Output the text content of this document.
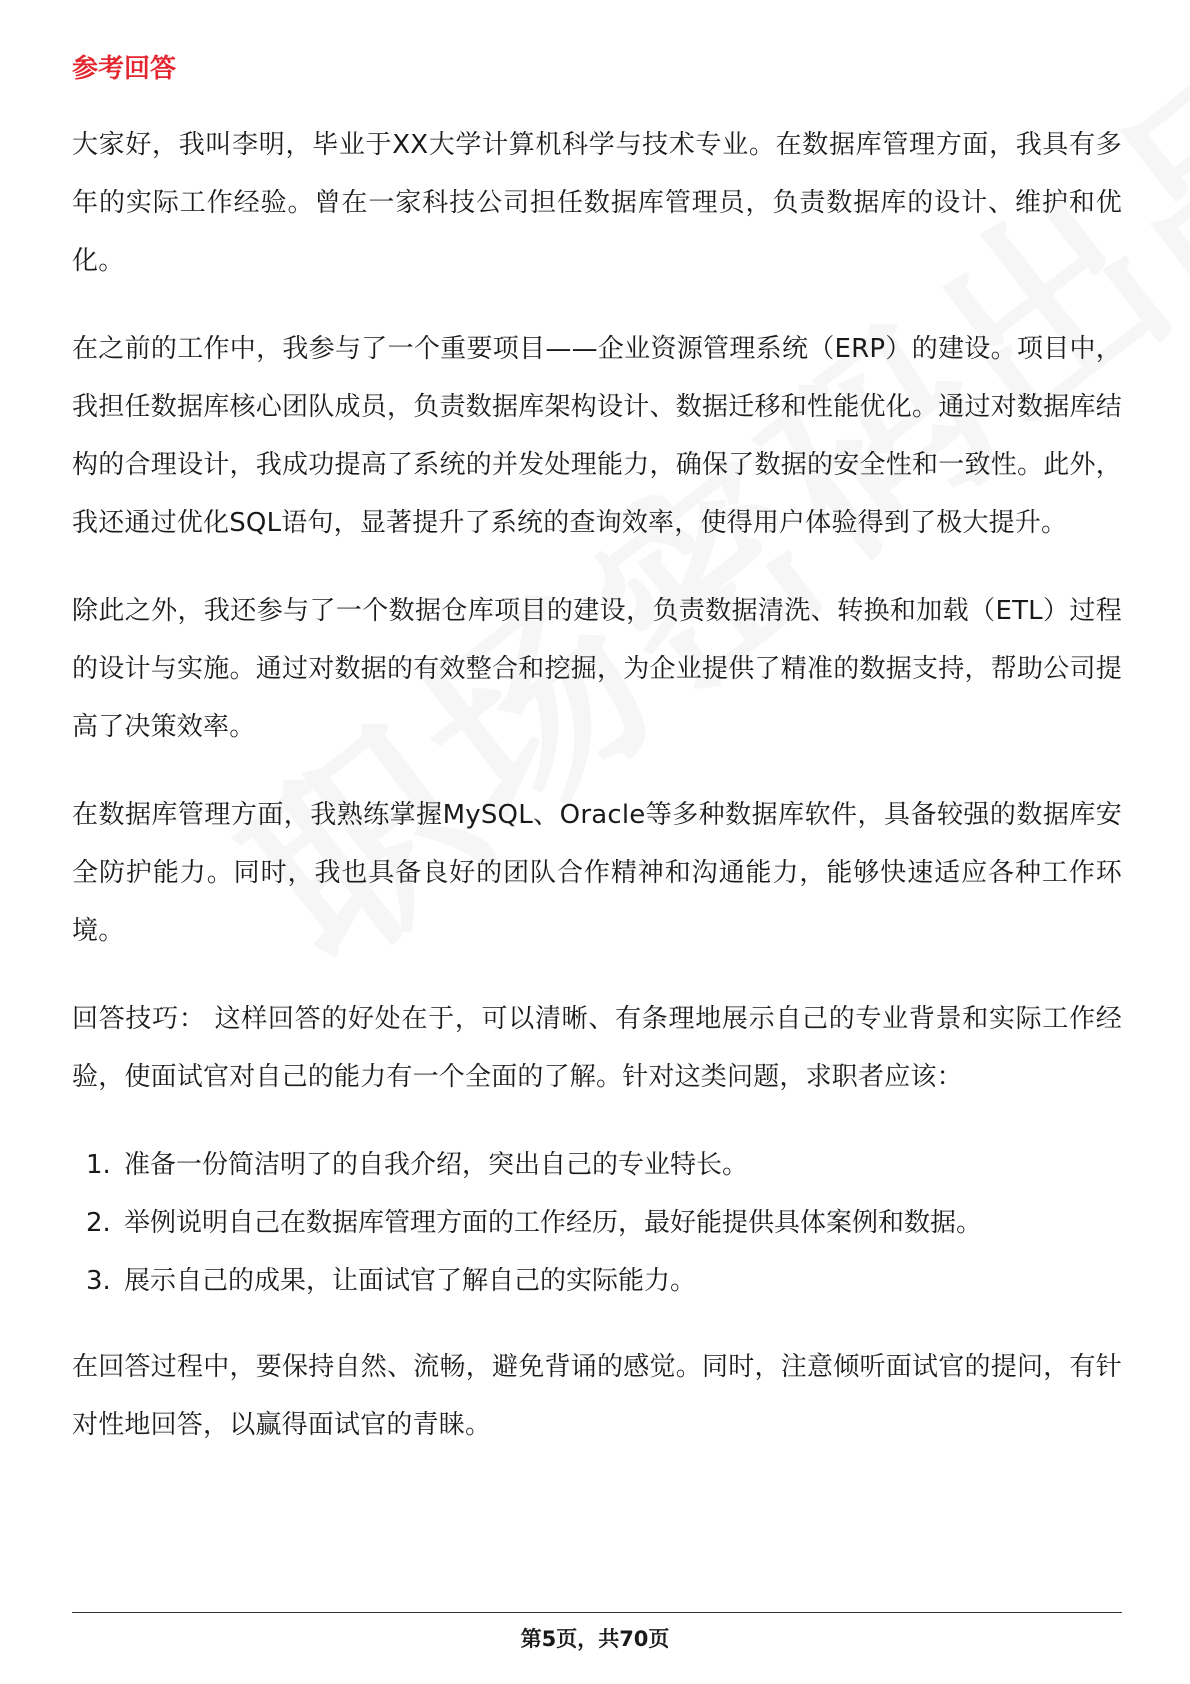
参考回答

大家好，我叫李明，毕业于XX大学计算机科学与技术专业。在数据库管理方面，我具有多年的实际工作经验。曾在一家科技公司担任数据库管理员，负责数据库的设计、维护和优化。

在之前的工作中，我参与了一个重要项目——企业资源管理系统（ERP）的建设。项目中，我担任数据库核心团队成员，负责数据库架构设计、数据迁移和性能优化。通过对数据库结构的合理设计，我成功提高了系统的并发处理能力，确保了数据的安全性和一致性。此外，我还通过优化SQL语句，显著提升了系统的查询效率，使得用户体验得到了极大提升。

除此之外，我还参与了一个数据仓库项目的建设，负责数据清洗、转换和加载（ETL）过程的设计与实施。通过对数据的有效整合和挖掘，为企业提供了精准的数据支持，帮助公司提高了决策效率。

在数据库管理方面，我熟练掌握MySQL、Oracle等多种数据库软件，具备较强的数据库安全防护能力。同时，我也具备良好的团队合作精神和沟通能力，能够快速适应各种工作环境。

回答技巧： 这样回答的好处在于，可以清晰、有条理地展示自己的专业背景和实际工作经验，使面试官对自己的能力有一个全面的了解。针对这类问题，求职者应该：

1. 准备一份简洁明了的自我介绍，突出自己的专业特长。
2. 举例说明自己在数据库管理方面的工作经历，最好能提供具体案例和数据。
3. 展示自己的成果，让面试官了解自己的实际能力。

在回答过程中，要保持自然、流畅，避免背诵的感觉。同时，注意倾听面试官的提问，有针对性地回答，以赢得面试官的青睐。

第5页，共70页
